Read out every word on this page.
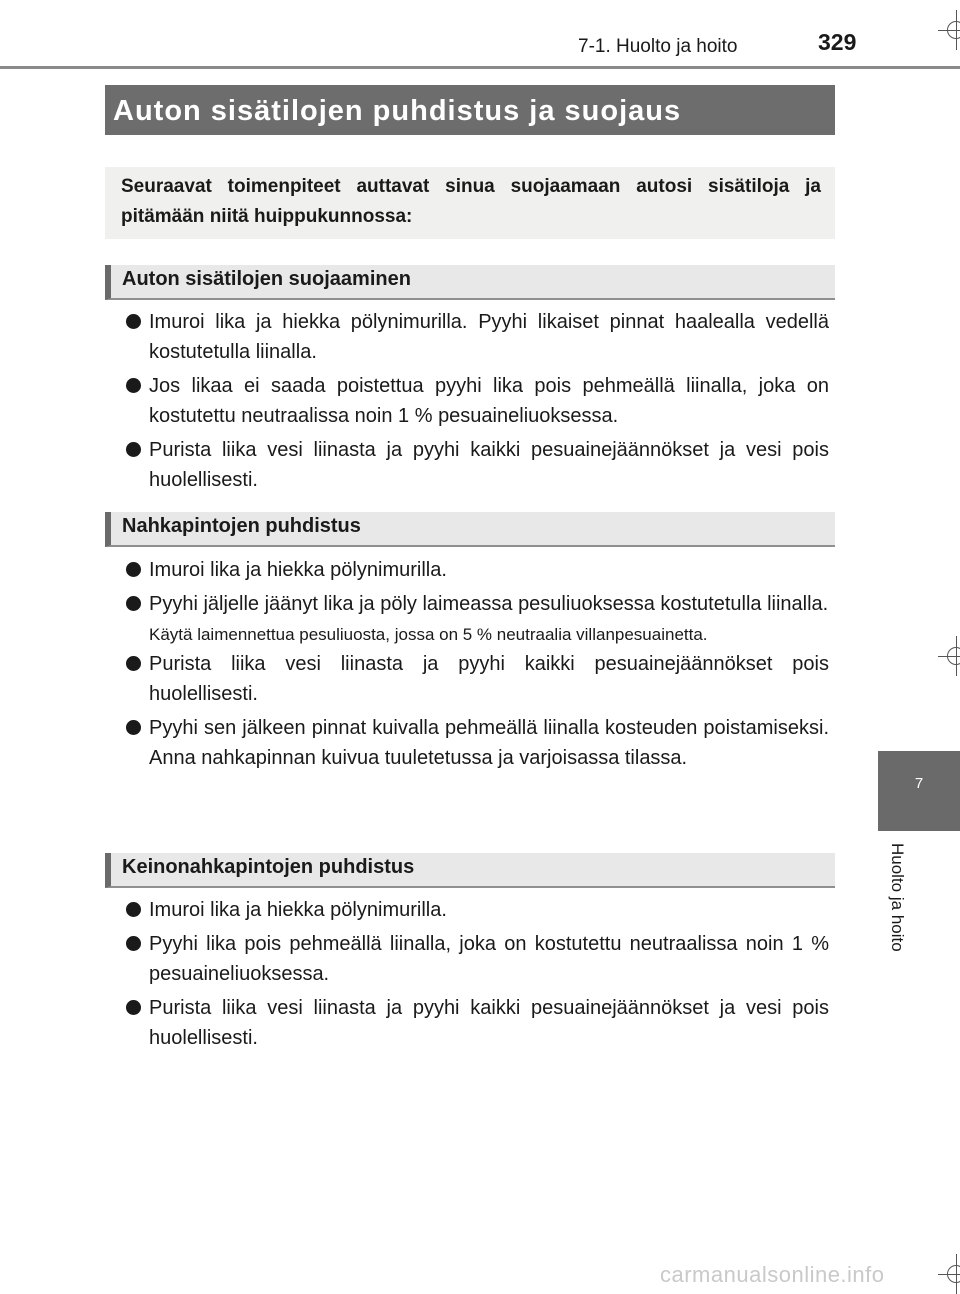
7-1. Huolto ja hoito	329
7
Huolto ja hoito
Auton sisätilojen puhdistus ja suojaus
Seuraavat toimenpiteet auttavat sinua suojaamaan autosi sisätiloja ja pitämään niitä huippukunnossa:
Auton sisätilojen suojaaminen
Imuroi lika ja hiekka pölynimurilla. Pyyhi likaiset pinnat haalealla vedellä kostutetulla liinalla.
Jos likaa ei saada poistettua pyyhi lika pois pehmeällä liinalla, joka on kostutettu neutraalissa noin 1 % pesuaineliuoksessa.
Purista liika vesi liinasta ja pyyhi kaikki pesuainejäännökset ja vesi pois huolellisesti.
Nahkapintojen puhdistus
Imuroi lika ja hiekka pölynimurilla.
Pyyhi jäljelle jäänyt lika ja pöly laimeassa pesuliuoksessa kostutetulla liinalla.
Käytä laimennettua pesuliuosta, jossa on 5 % neutraalia villanpesuainetta.
Purista liika vesi liinasta ja pyyhi kaikki pesuainejäännökset pois huolellisesti.
Pyyhi sen jälkeen pinnat kuivalla pehmeällä liinalla kosteuden poistamiseksi. Anna nahkapinnan kuivua tuuletetussa ja varjoisassa tilassa.
Keinonahkapintojen puhdistus
Imuroi lika ja hiekka pölynimurilla.
Pyyhi lika pois pehmeällä liinalla, joka on kostutettu neutraalissa noin 1 % pesuaineliuoksessa.
Purista liika vesi liinasta ja pyyhi kaikki pesuainejäännökset ja vesi pois huolellisesti.
carmanualsonline.info
